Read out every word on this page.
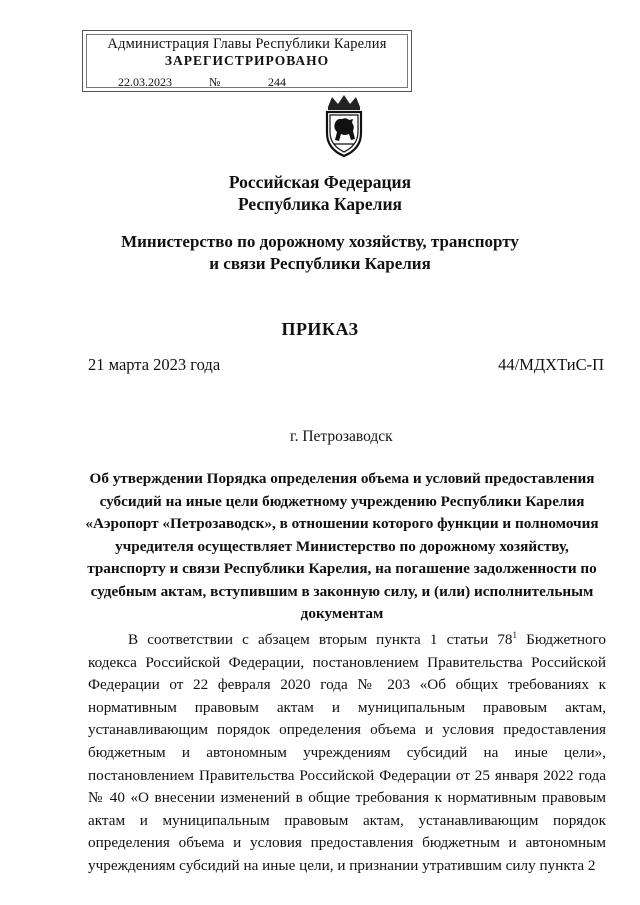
Администрация Главы Республики Карелия
ЗАРЕГИСТРИРОВАНО
22.03.2023	№	244
Российская Федерация
Республика Карелия
Министерство по дорожному хозяйству, транспорту
и связи Республики Карелия
ПРИКАЗ
21 марта 2023 года	44/МДХТиС-П
г. Петрозаводск
Об утверждении Порядка определения объема и условий предоставления субсидий на иные цели бюджетному учреждению Республики Карелия «Аэропорт «Петрозаводск», в отношении которого функции и полномочия учредителя осуществляет Министерство по дорожному хозяйству, транспорту и связи Республики Карелия, на погашение задолженности по судебным актам, вступившим в законную силу, и (или) исполнительным документам
В соответствии с абзацем вторым пункта 1 статьи $78^1$ Бюджетного кодекса Российской Федерации, постановлением Правительства Российской Федерации от 22 февраля 2020 года № 203 «Об общих требованиях к нормативным правовым актам и муниципальным правовым актам, устанавливающим порядок определения объема и условия предоставления бюджетным и автономным учреждениям субсидий на иные цели», постановлением Правительства Российской Федерации от 25 января 2022 года № 40 «О внесении изменений в общие требования к нормативным правовым актам и муниципальным правовым актам, устанавливающим порядок определения объема и условия предоставления бюджетным и автономным учреждениям субсидий на иные цели, и признании утратившим силу пункта 2
